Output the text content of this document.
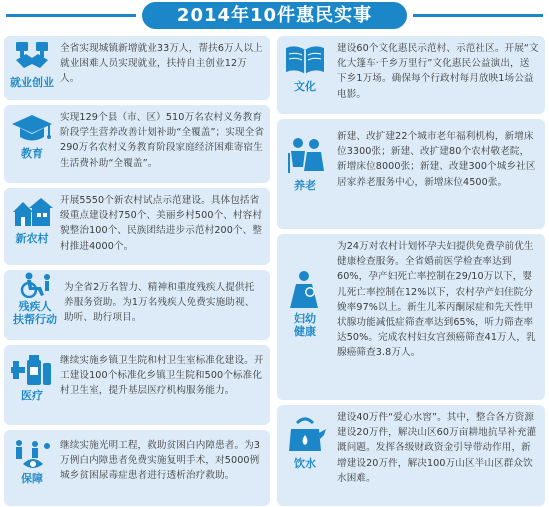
2014年10件惠民实事
就业创业
全省实现城镇新增就业33万人，帮扶6万人以上就业困难人员实现就业，扶持自主创业12万人。
教育
实现129个县（市、区）510万名农村义务教育阶段学生营养改善计划补助“全覆盖”；实现全省290万名农村义务教育阶段家庭经济困难寄宿生生活费补助“全覆盖”。
新农村
开展5550个新农村试点示范建设。具体包括省级重点建设村750个、美丽乡村500个、村容村貌整治100个、民族团结进步示范村200个、整村推进4000个。
残疾人
扶帮行动
为全省2万名智力、精神和重度残疾人提供托养服务资助。为1万名残疾人免费实施助视、助听、助行项目。
医疗
继续实施乡镇卫生院和村卫生室标准化建设。开工建设100个标准化乡镇卫生院和500个标准化村卫生室，提升基层医疗机构服务能力。
保障
继续实施光明工程，救助贫困白内障患者。为3万例白内障患者免费实施复明手术，对5000例城乡贫困尿毒症患者进行透析治疗救助。
文化
建设60个文化惠民示范村、示范社区。开展“文化大篷车·千乡万里行”文化惠民公益演出，送下乡1万场。确保每个行政村每月放映1场公益电影。
养老
新建、改扩建22个城市老年福利机构，新增床位3300张；新建、改扩建80个农村敬老院，新增床位8000张；新建、改建300个城乡社区居家养老服务中心，新增床位4500张。
妇幼
健康
为24万对农村计划怀孕夫妇提供免费孕前优生健康检查服务。全省婚前医学检查率达到60%，孕产妇死亡率控制在29/10万以下，婴儿死亡率控制在12%以下，农村孕产妇住院分娩率97%以上。新生儿苯丙酮尿症和先天性甲状腺功能减低症筛查率达到65%，听力筛查率达50%。完成农村妇女宫颈癌筛查41万人，乳腺癌筛查3.8万人。
饮水
建设40万件“爱心水窖”。其中，整合各方资源建设20万件，解决山区60万亩耕地抗旱补充灌溉问题。发挥各级财政资金引导带动作用，新增建设20万件，解决100万山区半山区群众饮水困难。
